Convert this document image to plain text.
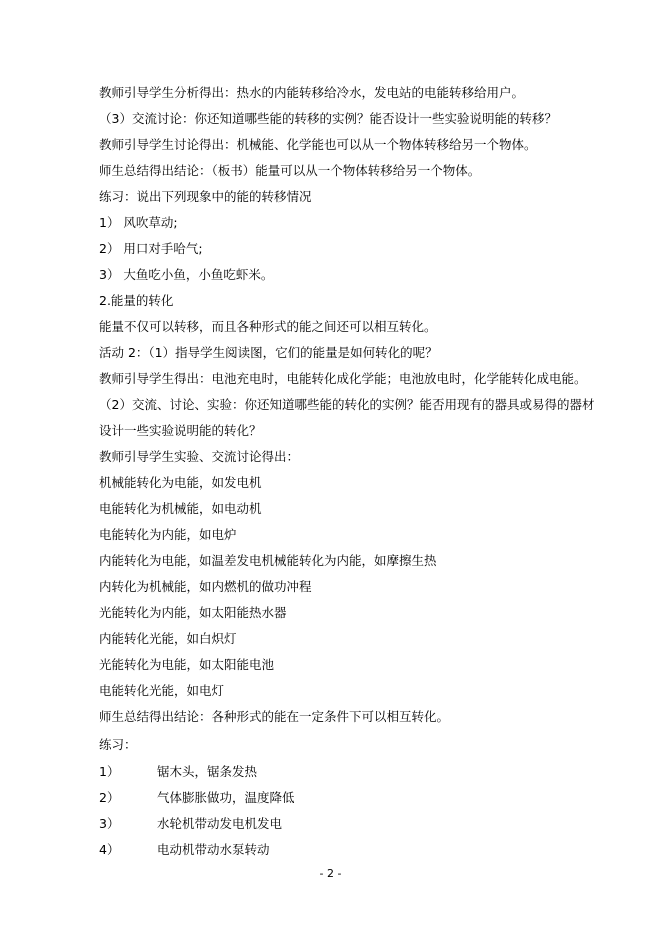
教师引导学生分析得出：热水的内能转移给冷水，发电站的电能转移给用户。
（3）交流讨论：你还知道哪些能的转移的实例？能否设计一些实验说明能的转移？
教师引导学生讨论得出：机械能、化学能也可以从一个物体转移给另一个物体。
师生总结得出结论：（板书）能量可以从一个物体转移给另一个物体。
练习：说出下列现象中的能的转移情况
1） 风吹草动;
2） 用口对手哈气;
3） 大鱼吃小鱼，小鱼吃虾米。
2.能量的转化
能量不仅可以转移，而且各种形式的能之间还可以相互转化。
活动 2：（1）指导学生阅读图，它们的能量是如何转化的呢？
教师引导学生得出：电池充电时，电能转化成化学能；电池放电时，化学能转化成电能。
（2）交流、讨论、实验：你还知道哪些能的转化的实例？能否用现有的器具或易得的器材
设计一些实验说明能的转化？
教师引导学生实验、交流讨论得出：
机械能转化为电能，如发电机
电能转化为机械能，如电动机
电能转化为内能，如电炉
内能转化为电能，如温差发电机械能转化为内能，如摩擦生热
内转化为机械能，如内燃机的做功冲程
光能转化为内能，如太阳能热水器
内能转化光能，如白炽灯
光能转化为电能，如太阳能电池
电能转化光能，如电灯
师生总结得出结论：各种形式的能在一定条件下可以相互转化。
练习：
1）	锯木头，锯条发热
2）	气体膨胀做功，温度降低
3）	水轮机带动发电机发电
4）	电动机带动水泵转动
- 2 -
